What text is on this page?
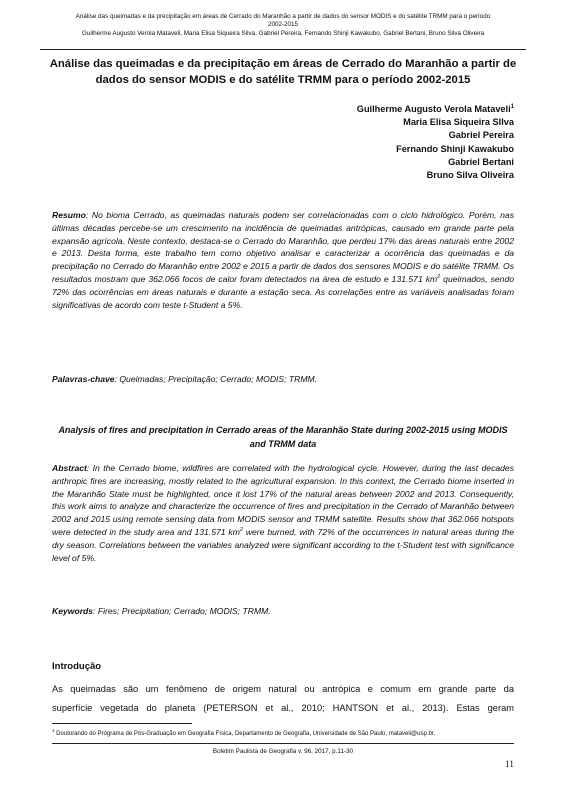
Análise das queimadas e da precipitação em áreas de Cerrado do Maranhão a partir de dados do sensor MODIS e do satélite TRMM para o período
2002-2015
Guilherme Augusto Verola Mataveli, Maria Elisa Siqueira Silva, Gabriel Pereira, Fernando Shinji Kawakubo, Gabriel Bertani, Bruno Silva Oliveira
Análise das queimadas e da precipitação em áreas de Cerrado do Maranhão a partir de dados do sensor MODIS e do satélite TRMM para o período 2002-2015
Guilherme Augusto Verola Mataveli$^1$
Maria Elisa Siqueira SIlva
Gabriel Pereira
Fernando Shinji Kawakubo
Gabriel Bertani
Bruno Silva Oliveira

Resumo: No bioma Cerrado, as queimadas naturais podem ser correlacionadas com o ciclo hidrológico. Porém, nas últimas décadas percebe-se um crescimento na incidência de queimadas antrópicas, causado em grande parte pela expansão agrícola. Neste contexto, destaca-se o Cerrado do Maranhão, que perdeu 17% das áreas naturais entre 2002 e 2013. Desta forma, este trabalho tem como objetivo analisar e caracterizar a ocorrência das queimadas e da precipitação no Cerrado do Maranhão entre 2002 e 2015 a partir de dados dos sensores MODIS e do satélite TRMM. Os resultados mostram que 362.066 focos de calor foram detectados na área de estudo e 131.571 $km^2$ queimados, sendo 72% das ocorrências em áreas naturais e durante a estação seca. As correlações entre as variáveis analisadas foram significativas de acordo com teste t-Student a 5%.

Palavras-chave: Queimadas; Precipitação; Cerrado; MODIS; TRMM.

Analysis of fires and precipitation in Cerrado areas of the Maranhão State during 2002-2015 using MODIS and TRMM data

Abstract: In the Cerrado biome, wildfires are correlated with the hydrological cycle. However, during the last decades anthropic fires are increasing, mostly related to the agricultural expansion. In this context, the Cerrado biome inserted in the Maranhão State must be highlighted, once it lost 17% of the natural areas between 2002 and 2013. Consequently, this work aims to analyze and characterize the occurrence of fires and precipitation in the Cerrado of Maranhão between 2002 and 2015 using remote sensing data from MODIS sensor and TRMM satellite. Results show that 362.066 hotspots were detected in the study area and 131.571 $km^2$ were burned, with 72% of the occurrences in natural areas during the dry season. Correlations between the variables analyzed were significant according to the t-Student test with significance level of 5%.

Keywords: Fires; Precipitation; Cerrado; MODIS; TRMM.

Introdução
As queimadas são um fenômeno de origem natural ou antrópica e comum em grande parte da
superfície vegetada do planeta (PETERSON et al., 2010; HANTSON et al., 2013). Estas geram
$^1$ Doutorando do Programa de Pós-Graduação em Geografia Física, Departamento de Geografia, Universidade de São Paulo, mataveli@usp.br.
Boletim Paulista de Geografia v. 96, 2017, p.11-30
11
